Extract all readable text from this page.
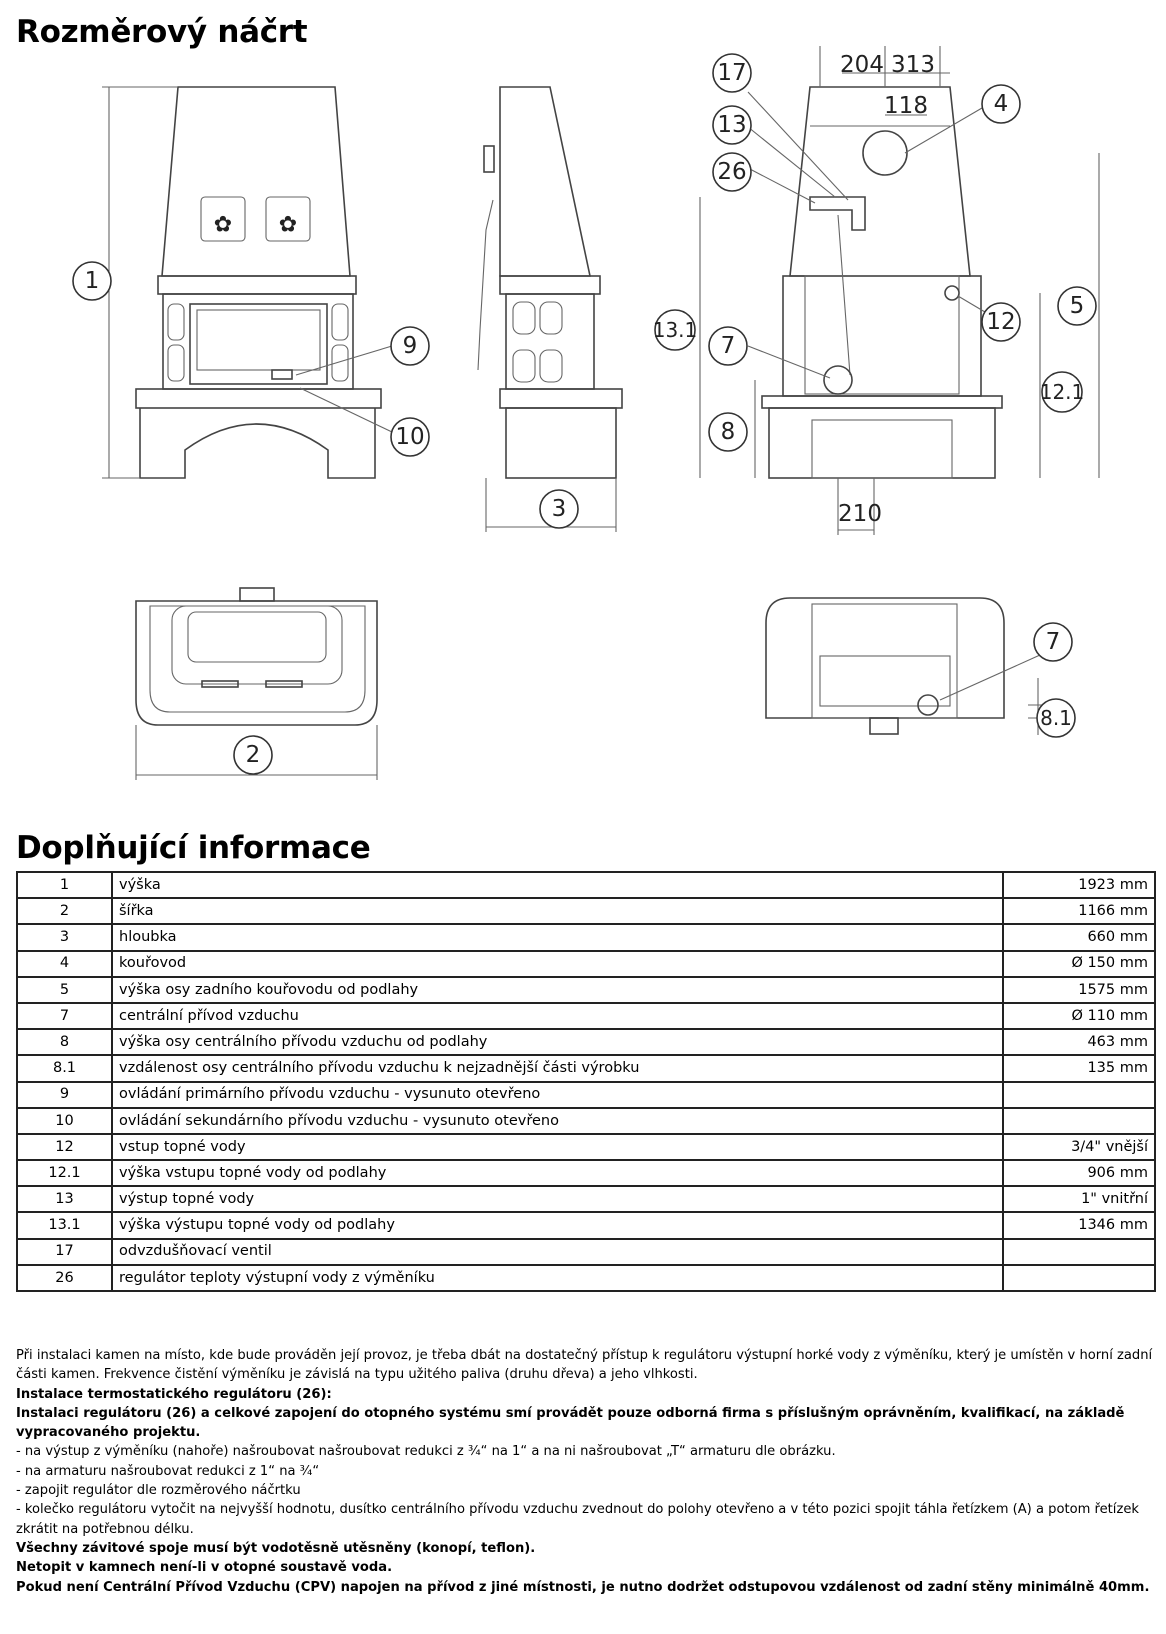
Rozměrový náčrt
✿ ✿
1
2
3
4
5
7
7
8
8.1
9
10
12
12.1
13
13.1
17
26
204 313
118
210
Doplňující informace
1	výška	1923 mm
2	šířka	1166 mm
3	hloubka	660 mm
4	kouřovod	Ø 150 mm
5	výška osy zadního kouřovodu od podlahy	1575 mm
7	centrální přívod vzduchu	Ø 110 mm
8	výška osy centrálního přívodu vzduchu od podlahy	463 mm
8.1	vzdálenost osy centrálního přívodu vzduchu k nejzadnější části výrobku	135 mm
9	ovládání primárního přívodu vzduchu - vysunuto otevřeno	
10	ovládání sekundárního přívodu vzduchu - vysunuto otevřeno	
12	vstup topné vody	3/4" vnější
12.1	výška vstupu topné vody od podlahy	906 mm
13	výstup topné vody	1" vnitřní
13.1	výška výstupu topné vody od podlahy	1346 mm
17	odvzdušňovací ventil	
26	regulátor teploty výstupní vody z výměníku	

Při instalaci kamen na místo, kde bude prováděn její provoz, je třeba dbát na dostatečný přístup k regulátoru výstupní horké vody z výměníku, který je umístěn v horní zadní části kamen. Frekvence čistění výměníku je závislá na typu užitého paliva (druhu dřeva) a jeho vlhkosti.

Instalace termostatického regulátoru (26):

Instalaci regulátoru (26) a celkové zapojení do otopného systému smí provádět pouze odborná firma s příslušným oprávněním, kvalifikací, na základě vypracovaného projektu.

- na výstup z výměníku (nahoře) našroubovat našroubovat redukci z ¾“ na 1“ a na ni našroubovat „T“ armaturu dle obrázku.

- na armaturu našroubovat redukci z 1“ na ¾“

- zapojit regulátor dle rozměrového náčrtku

- kolečko regulátoru vytočit na nejvyšší hodnotu, dusítko centrálního přívodu vzduchu zvednout do polohy otevřeno a v této pozici spojit táhla řetízkem (A) a potom řetízek zkrátit na potřebnou délku.

Všechny závitové spoje musí být vodotěsně utěsněny (konopí, teflon).

Netopit v kamnech není-li v otopné soustavě voda.

Pokud není Centrální Přívod Vzduchu (CPV) napojen na přívod z jiné místnosti, je nutno dodržet odstupovou vzdálenost od zadní stěny minimálně 40mm.
